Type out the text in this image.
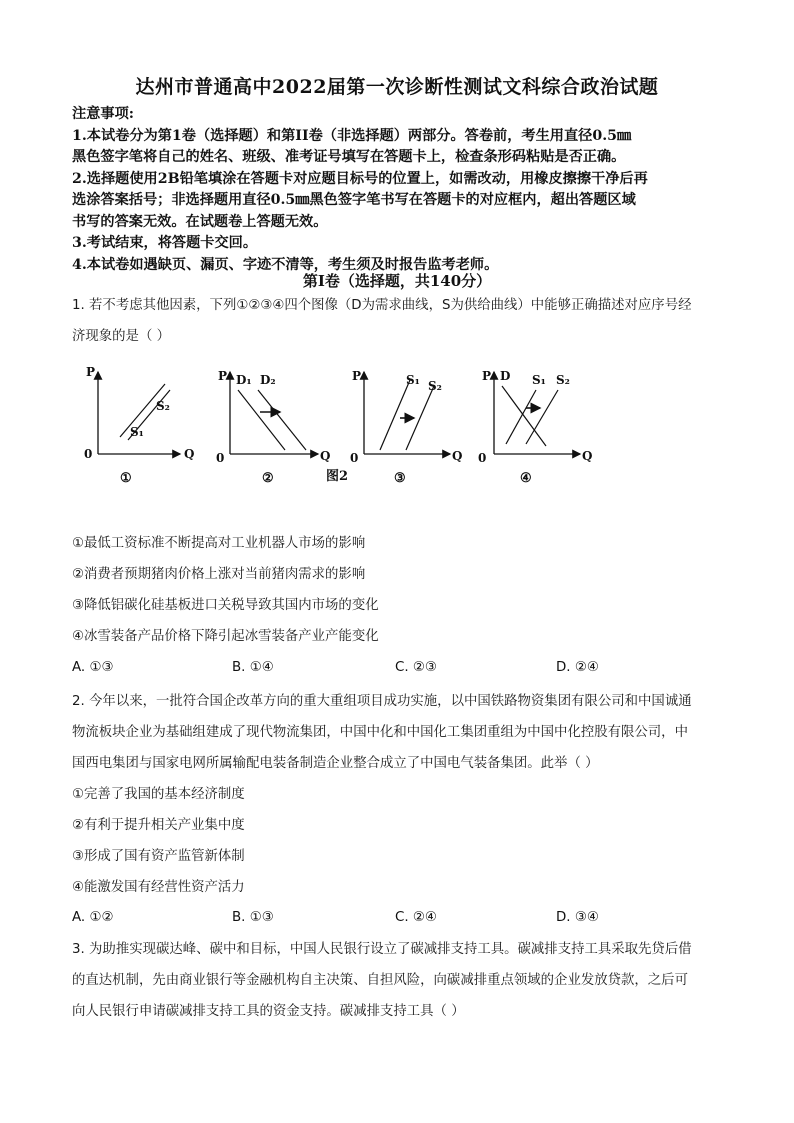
达州市普通高中2022届第一次诊断性测试文科综合政治试题
注意事项:
1.本试卷分为第1卷（选择题）和第II卷（非选择题）两部分。答卷前，考生用直径0.5㎜
黑色签字笔将自己的姓名、班级、准考证号填写在答题卡上，检查条形码粘贴是否正确。
2.选择题使用2B铅笔填涂在答题卡对应题目标号的位置上，如需改动，用橡皮擦擦干净后再
选涂答案括号；非选择题用直径0.5㎜黑色签字笔书写在答题卡的对应框内，超出答题区域
书写的答案无效。在试题卷上答题无效。
3.考试结束，将答题卡交回。
4.本试卷如遇缺页、漏页、字迹不清等，考生须及时报告监考老师。
第I卷（选择题，共140分）
1. 若不考虑其他因素，下列①②③④四个图像（D为需求曲线，S为供给曲线）中能够正确描述对应序号经
济现象的是（ ）
P
Q
0
S₂
S₁
①
P
Q
0
D₁ D₂
②
P
Q
0
S₁ S₂
③
P
Q
0
D S₁ S₂
④
图2
①最低工资标准不断提高对工业机器人市场的影响
②消费者预期猪肉价格上涨对当前猪肉需求的影响
③降低铝碳化硅基板进口关税导致其国内市场的变化
④冰雪装备产品价格下降引起冰雪装备产业产能变化
A. ①③	B. ①④	C. ②③	D. ②④
2. 今年以来，一批符合国企改革方向的重大重组项目成功实施，以中国铁路物资集团有限公司和中国诚通
物流板块企业为基础组建成了现代物流集团，中国中化和中国化工集团重组为中国中化控股有限公司，中
国西电集团与国家电网所属输配电装备制造企业整合成立了中国电气装备集团。此举（ ）
①完善了我国的基本经济制度
②有利于提升相关产业集中度
③形成了国有资产监管新体制
④能激发国有经营性资产活力
A. ①②	B. ①③	C. ②④	D. ③④
3. 为助推实现碳达峰、碳中和目标，中国人民银行设立了碳减排支持工具。碳减排支持工具采取先贷后借
的直达机制，先由商业银行等金融机构自主决策、自担风险，向碳减排重点领域的企业发放贷款，之后可
向人民银行申请碳减排支持工具的资金支持。碳减排支持工具（ ）
